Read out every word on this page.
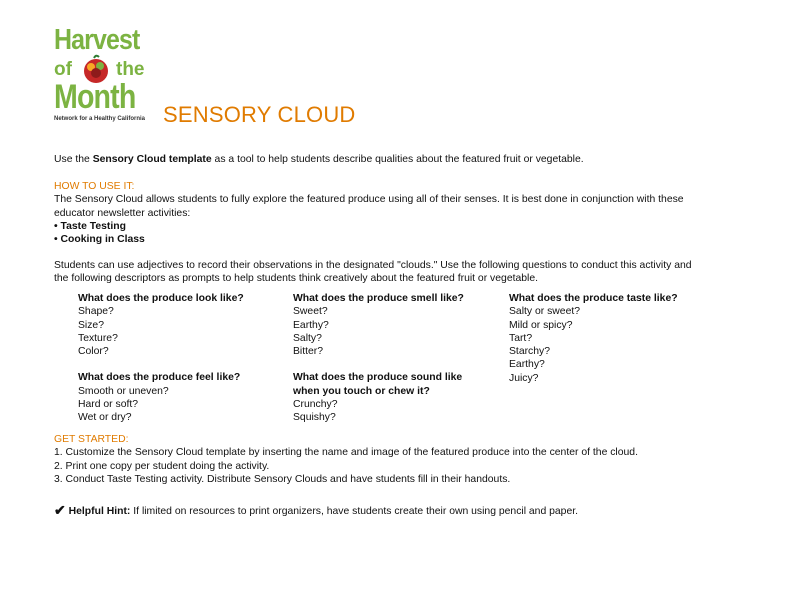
Harvest
of the
Month
Network for a Healthy California SENSORY CLOUD
Use the Sensory Cloud template as a tool to help students describe qualities about the featured fruit or vegetable.
HOW TO USE IT:
The Sensory Cloud allows students to fully explore the featured produce using all of their senses. It is best done in conjunction with these
educator newsletter activities:
• Taste Testing
• Cooking in Class
Students can use adjectives to record their observations in the designated "clouds." Use the following questions to conduct this activity and
the following descriptors as prompts to help students think creatively about the featured fruit or vegetable.
What does the produce look like?
Shape?
Size?
Texture?
Color?
What does the produce feel like?
Smooth or uneven?
Hard or soft?
Wet or dry?
What does the produce smell like?
Sweet?
Earthy?
Salty?
Bitter?
What does the produce sound like
when you touch or chew it?
Crunchy?
Squishy?
What does the produce taste like?
Salty or sweet?
Mild or spicy?
Tart?
Starchy?
Earthy?
Juicy?
GET STARTED:
1. Customize the Sensory Cloud template by inserting the name and image of the featured produce into the center of the cloud.
2. Print one copy per student doing the activity.
3. Conduct Taste Testing activity. Distribute Sensory Clouds and have students fill in their handouts.
✔ Helpful Hint: If limited on resources to print organizers, have students create their own using pencil and paper.
